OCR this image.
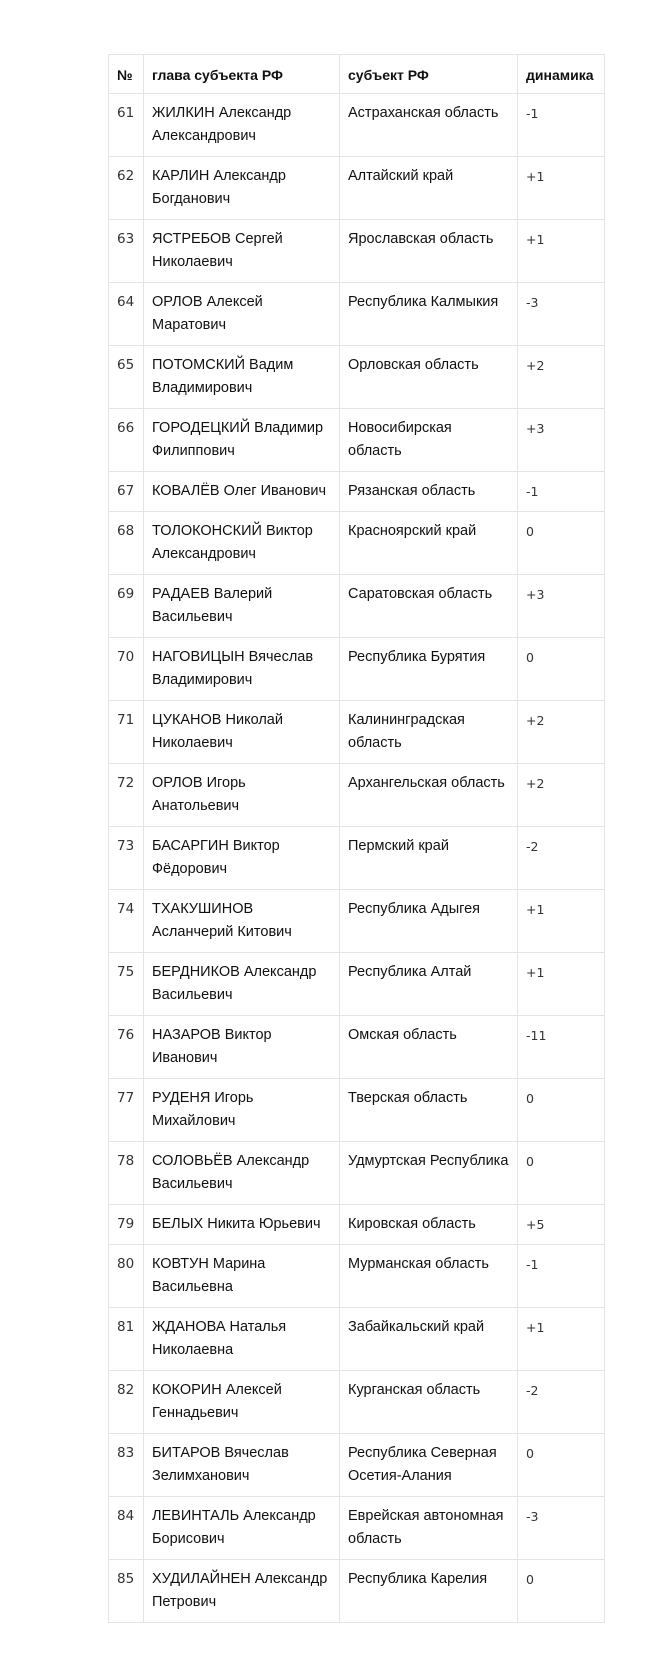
№	глава субъекта РФ	субъект РФ	динамика
61	ЖИЛКИН Александр Александрович	Астраханская область	-1
62	КАРЛИН Александр Богданович	Алтайский край	+1
63	ЯСТРЕБОВ Сергей Николаевич	Ярославская область	+1
64	ОРЛОВ Алексей Маратович	Республика Калмыкия	-3
65	ПОТОМСКИЙ Вадим Владимирович	Орловская область	+2
66	ГОРОДЕЦКИЙ Владимир Филиппович	Новосибирская область	+3
67	КОВАЛЁВ Олег Иванович	Рязанская область	-1
68	ТОЛОКОНСКИЙ Виктор Александрович	Красноярский край	0
69	РАДАЕВ Валерий Васильевич	Саратовская область	+3
70	НАГОВИЦЫН Вячеслав Владимирович	Республика Бурятия	0
71	ЦУКАНОВ Николай Николаевич	Калининградская область	+2
72	ОРЛОВ Игорь Анатольевич	Архангельская область	+2
73	БАСАРГИН Виктор Фёдорович	Пермский край	-2
74	ТХАКУШИНОВ Асланчерий Китович	Республика Адыгея	+1
75	БЕРДНИКОВ Александр Васильевич	Республика Алтай	+1
76	НАЗАРОВ Виктор Иванович	Омская область	-11
77	РУДЕНЯ Игорь Михайлович	Тверская область	0
78	СОЛОВЬЁВ Александр Васильевич	Удмуртская Республика	0
79	БЕЛЫХ Никита Юрьевич	Кировская область	+5
80	КОВТУН Марина Васильевна	Мурманская область	-1
81	ЖДАНОВА Наталья Николаевна	Забайкальский край	+1
82	КОКОРИН Алексей Геннадьевич	Курганская область	-2
83	БИТАРОВ Вячеслав Зелимханович	Республика Северная Осетия-Алания	0
84	ЛЕВИНТАЛЬ Александр Борисович	Еврейская автономная область	-3
85	ХУДИЛАЙНЕН Александр Петрович	Республика Карелия	0
